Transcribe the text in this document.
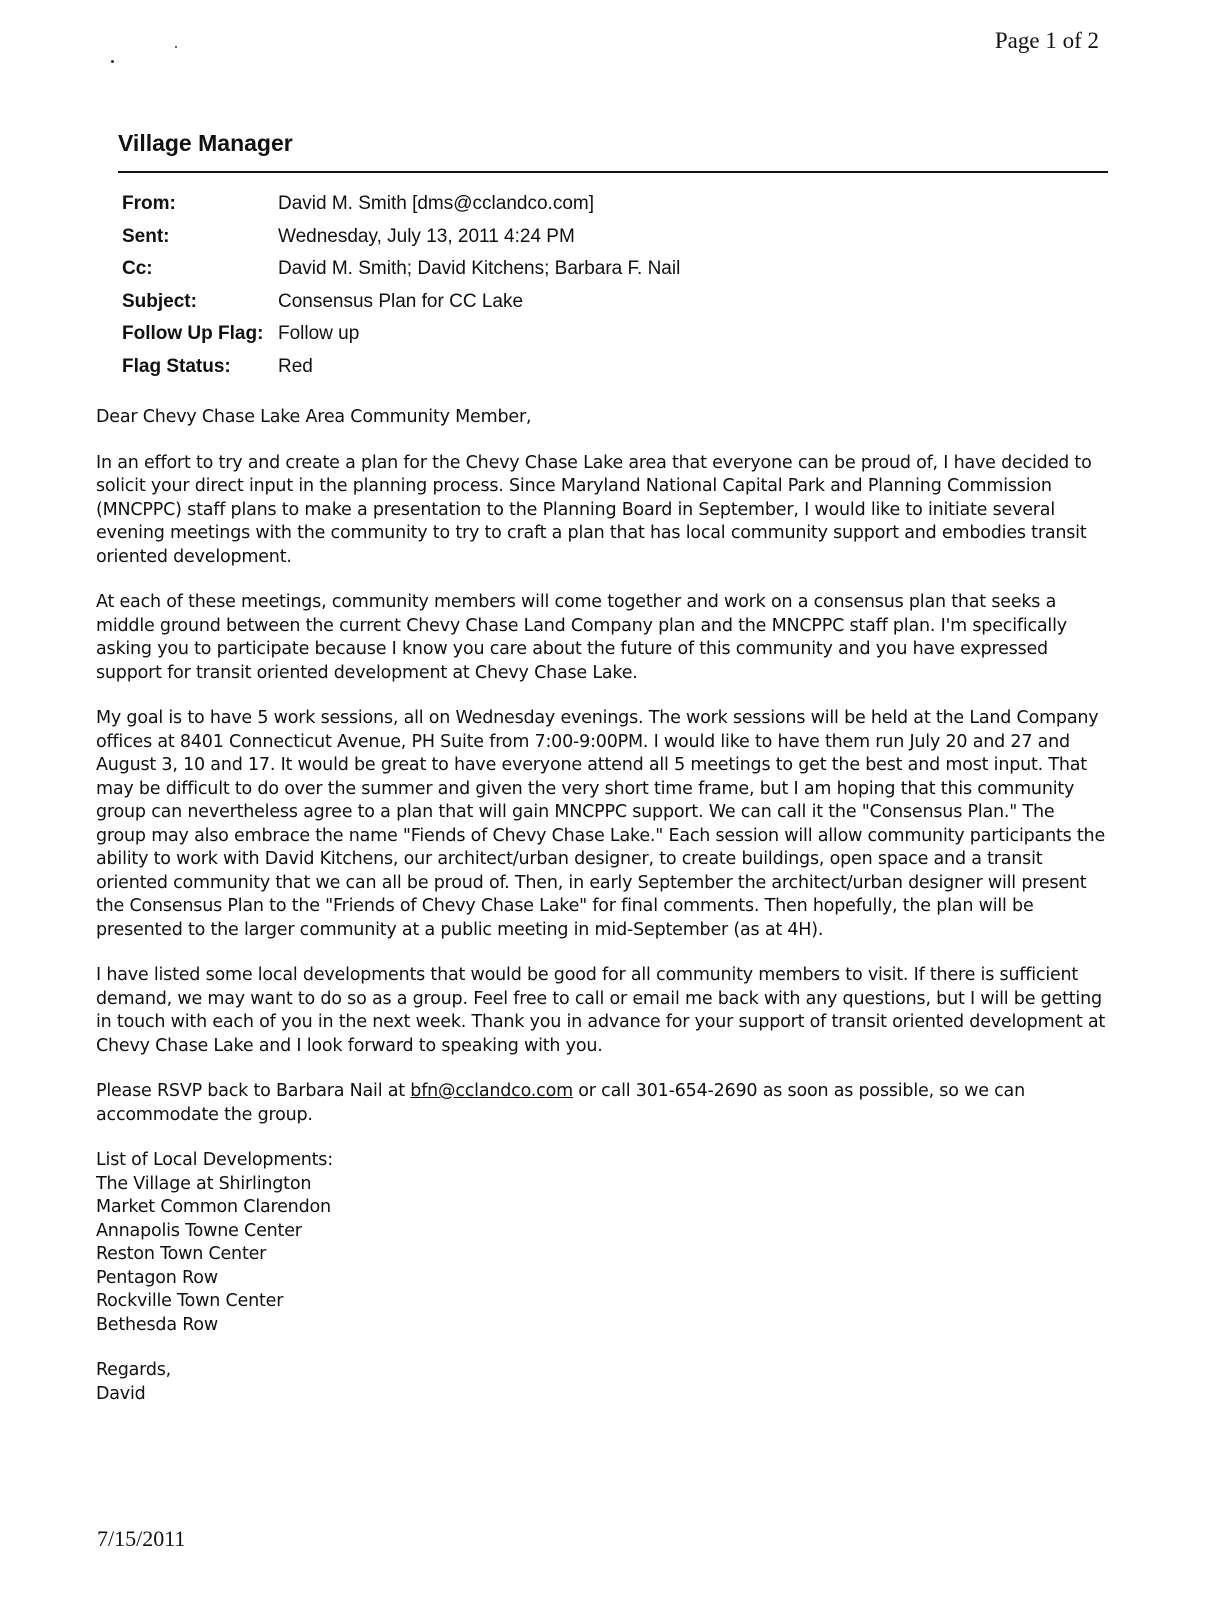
Page 1 of 2
Village Manager
From:	David M. Smith [dms@cclandco.com]
Sent:	Wednesday, July 13, 2011 4:24 PM
Cc:	David M. Smith; David Kitchens; Barbara F. Nail
Subject:	Consensus Plan for CC Lake
Follow Up Flag: Follow up
Flag Status:	Red

Dear Chevy Chase Lake Area Community Member,

In an effort to try and create a plan for the Chevy Chase Lake area that everyone can be proud of, I have decided to solicit your direct input in the planning process. Since Maryland National Capital Park and Planning Commission (MNCPPC) staff plans to make a presentation to the Planning Board in September, I would like to initiate several evening meetings with the community to try to craft a plan that has local community support and embodies transit oriented development.

At each of these meetings, community members will come together and work on a consensus plan that seeks a middle ground between the current Chevy Chase Land Company plan and the MNCPPC staff plan. I'm specifically asking you to participate because I know you care about the future of this community and you have expressed support for transit oriented development at Chevy Chase Lake.

My goal is to have 5 work sessions, all on Wednesday evenings. The work sessions will be held at the Land Company offices at 8401 Connecticut Avenue, PH Suite from 7:00-9:00PM. I would like to have them run July 20 and 27 and August 3, 10 and 17. It would be great to have everyone attend all 5 meetings to get the best and most input. That may be difficult to do over the summer and given the very short time frame, but I am hoping that this community group can nevertheless agree to a plan that will gain MNCPPC support. We can call it the "Consensus Plan." The group may also embrace the name "Fiends of Chevy Chase Lake." Each session will allow community participants the ability to work with David Kitchens, our architect/urban designer, to create buildings, open space and a transit oriented community that we can all be proud of. Then, in early September the architect/urban designer will present the Consensus Plan to the "Friends of Chevy Chase Lake" for final comments. Then hopefully, the plan will be presented to the larger community at a public meeting in mid-September (as at 4H).

I have listed some local developments that would be good for all community members to visit. If there is sufficient demand, we may want to do so as a group. Feel free to call or email me back with any questions, but I will be getting in touch with each of you in the next week. Thank you in advance for your support of transit oriented development at Chevy Chase Lake and I look forward to speaking with you.

Please RSVP back to Barbara Nail at bfn@cclandco.com or call 301-654-2690 as soon as possible, so we can accommodate the group.

List of Local Developments:
The Village at Shirlington
Market Common Clarendon
Annapolis Towne Center
Reston Town Center
Pentagon Row
Rockville Town Center
Bethesda Row
Regards,
David
7/15/2011
